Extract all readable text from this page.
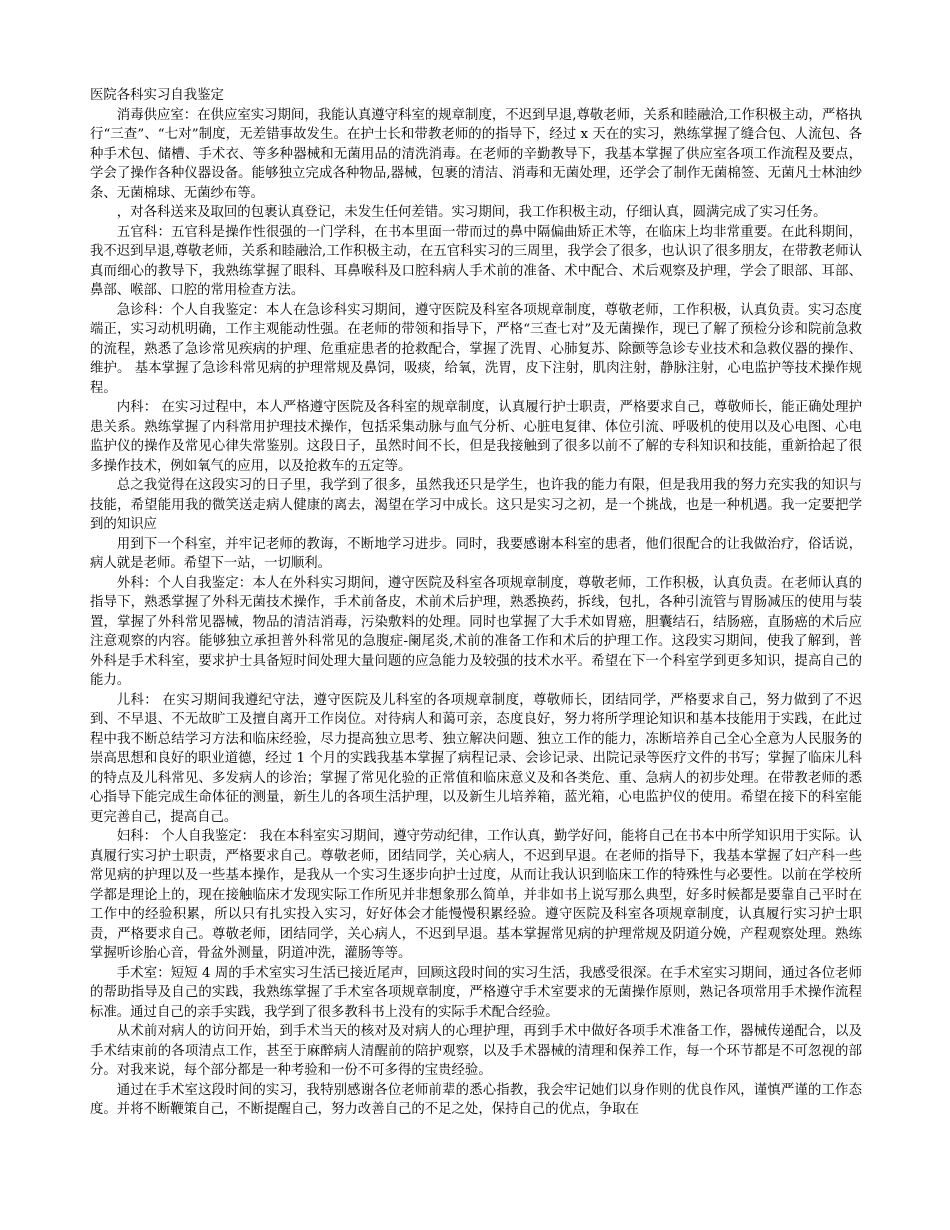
医院各科实习自我鉴定

消毒供应室：在供应室实习期间，我能认真遵守科室的规章制度，不迟到早退,尊敬老师，关系和睦融洽,工作积极主动，严格执行“三查”、“七对”制度，无差错事故发生。在护士长和带教老师的的指导下，经过 x 天在的实习，熟练掌握了缝合包、人流包、各种手术包、储槽、手术衣、等多种器械和无菌用品的清洗消毒。在老师的辛勤教导下，我基本掌握了供应室各项工作流程及要点，学会了操作各种仪器设备。能够独立完成各种物品,器械，包裹的清洁、消毒和无菌处理，还学会了制作无菌棉签、无菌凡士林油纱条、无菌棉球、无菌纱布等。

，对各科送来及取回的包裹认真登记，未发生任何差错。实习期间，我工作积极主动，仔细认真，圆满完成了实习任务。

五官科：五官科是操作性很强的一门学科，在书本里面一带而过的鼻中隔偏曲矫正术等，在临床上均非常重要。在此科期间，我不迟到早退,尊敬老师，关系和睦融洽,工作积极主动，在五官科实习的三周里，我学会了很多，也认识了很多朋友，在带教老师认真而细心的教导下，我熟练掌握了眼科、耳鼻喉科及口腔科病人手术前的准备、术中配合、术后观察及护理，学会了眼部、耳部、鼻部、喉部、口腔的常用检查方法。

急诊科：个人自我鉴定：本人在急诊科实习期间，遵守医院及科室各项规章制度，尊敬老师，工作积极，认真负责。实习态度端正，实习动机明确，工作主观能动性强。在老师的带领和指导下，严格“三查七对”及无菌操作，现已了解了预检分诊和院前急救的流程，熟悉了急诊常见疾病的护理、危重症患者的抢救配合，掌握了洗胃、心肺复苏、除颤等急诊专业技术和急救仪器的操作、维护。 基本掌握了急诊科常见病的护理常规及鼻饲，吸痰，给氧，洗胃，皮下注射，肌肉注射，静脉注射，心电监护等技术操作规程。

内科： 在实习过程中，本人严格遵守医院及各科室的规章制度，认真履行护士职责，严格要求自己，尊敬师长，能正确处理护患关系。熟练掌握了内科常用护理技术操作，包括采集动脉与血气分析、心脏电复律、体位引流、呼吸机的使用以及心电图、心电监护仪的操作及常见心律失常鉴别。这段日子，虽然时间不长，但是我接触到了很多以前不了解的专科知识和技能，重新拾起了很多操作技术，例如氧气的应用，以及抢救车的五定等。

总之我觉得在这段实习的日子里，我学到了很多，虽然我还只是学生，也许我的能力有限，但是我用我的努力充实我的知识与技能，希望能用我的微笑送走病人健康的离去，渴望在学习中成长。这只是实习之初，是一个挑战，也是一种机遇。我一定要把学到的知识应

用到下一个科室，并牢记老师的教诲，不断地学习进步。同时，我要感谢本科室的患者，他们很配合的让我做治疗，俗话说，病人就是老师。希望下一站，一切顺利。

外科：个人自我鉴定：本人在外科实习期间，遵守医院及科室各项规章制度，尊敬老师，工作积极，认真负责。在老师认真的指导下，熟悉掌握了外科无菌技术操作，手术前备皮，术前术后护理，熟悉换药，拆线，包扎，各种引流管与胃肠减压的使用与装置，掌握了外科常见器械，物品的清洁消毒，污染敷料的处理。同时也掌握了大手术如胃癌，胆囊结石，结肠癌，直肠癌的术后应注意观察的内容。能够独立承担普外科常见的急腹症-阑尾炎,术前的准备工作和术后的护理工作。这段实习期间，使我了解到，普外科是手术科室，要求护士具备短时间处理大量问题的应急能力及较强的技术水平。希望在下一个科室学到更多知识，提高自己的能力。

儿科： 在实习期间我遵纪守法，遵守医院及儿科室的各项规章制度，尊敬师长，团结同学，严格要求自己，努力做到了不迟到、不早退、不无故旷工及擅自离开工作岗位。对待病人和蔼可亲，态度良好，努力将所学理论知识和基本技能用于实践，在此过程中我不断总结学习方法和临床经验，尽力提高独立思考、独立解决问题、独立工作的能力，冻断培养自己全心全意为人民服务的崇高思想和良好的职业道德，经过 1 个月的实践我基本掌握了病程记录、会诊记录、出院记录等医疗文件的书写；掌握了临床儿科的特点及儿科常见、多发病人的诊治；掌握了常见化验的正常值和临床意义及和各类危、重、急病人的初步处理。在带教老师的悉心指导下能完成生命体征的测量，新生儿的各项生活护理，以及新生儿培养箱，蓝光箱，心电监护仪的使用。希望在接下的科室能更完善自己，提高自己。

妇科： 个人自我鉴定： 我在本科室实习期间，遵守劳动纪律，工作认真，勤学好问，能将自己在书本中所学知识用于实际。认真履行实习护士职责，严格要求自己。尊敬老师，团结同学，关心病人，不迟到早退。在老师的指导下，我基本掌握了妇产科一些常见病的护理以及一些基本操作，是我从一个实习生逐步向护士过度，从而让我认识到临床工作的特殊性与必要性。以前在学校所学都是理论上的，现在接触临床才发现实际工作所见并非想象那么简单，并非如书上说写那么典型，好多时候都是要靠自己平时在工作中的经验积累，所以只有扎实投入实习，好好体会才能慢慢积累经验。遵守医院及科室各项规章制度，认真履行实习护士职责，严格要求自己。尊敬老师，团结同学，关心病人，不迟到早退。基本掌握常见病的护理常规及阴道分娩，产程观察处理。熟练掌握听诊胎心音，骨盆外测量，阴道冲洗，灌肠等等。

手术室：短短 4 周的手术室实习生活已接近尾声，回顾这段时间的实习生活，我感受很深。在手术室实习期间，通过各位老师的帮助指导及自己的实践，我熟练掌握了手术室各项规章制度，严格遵守手术室要求的无菌操作原则，熟记各项常用手术操作流程标准。通过自己的亲手实践，我学到了很多教科书上没有的实际手术配合经验。

从术前对病人的访问开始，到手术当天的核对及对病人的心理护理，再到手术中做好各项手术准备工作，器械传递配合，以及手术结束前的各项清点工作，甚至于麻醉病人清醒前的陪护观察，以及手术器械的清理和保养工作，每一个环节都是不可忽视的部分。对我来说，每个部分都是一种考验和一份不可多得的宝贵经验。

通过在手术室这段时间的实习，我特别感谢各位老师前辈的悉心指教，我会牢记她们以身作则的优良作风，谨慎严谨的工作态度。并将不断鞭策自己，不断提醒自己，努力改善自己的不足之处，保持自己的优点，争取在
